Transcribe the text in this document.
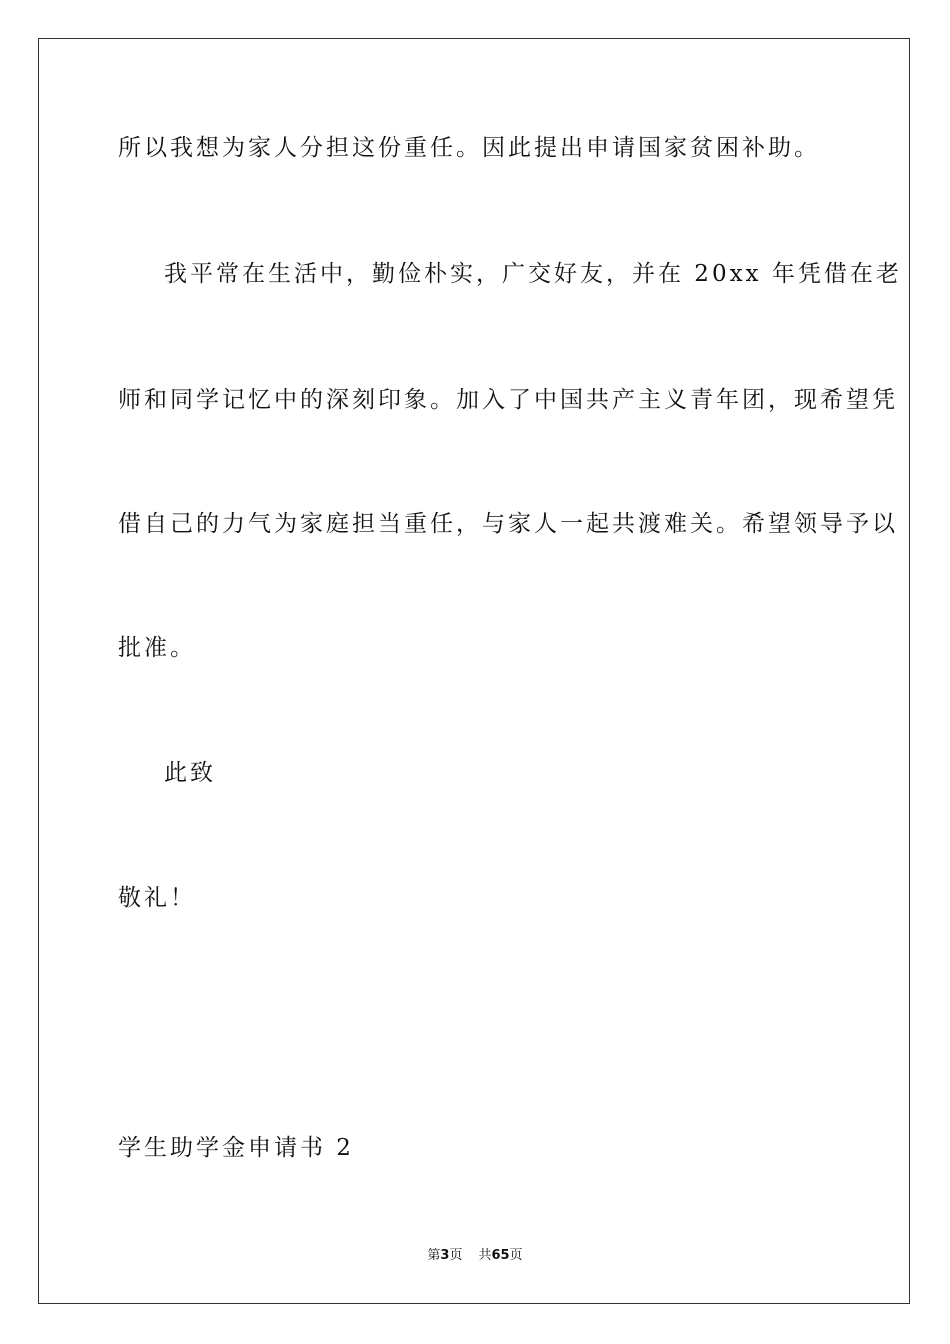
所以我想为家人分担这份重任。因此提出申请国家贫困补助。
我平常在生活中，勤俭朴实，广交好友，并在 20xx 年凭借在老
师和同学记忆中的深刻印象。加入了中国共产主义青年团，现希望凭
借自己的力气为家庭担当重任，与家人一起共渡难关。希望领导予以
批准。
此致
敬礼！
学生助学金申请书 2
第3页 共65页
